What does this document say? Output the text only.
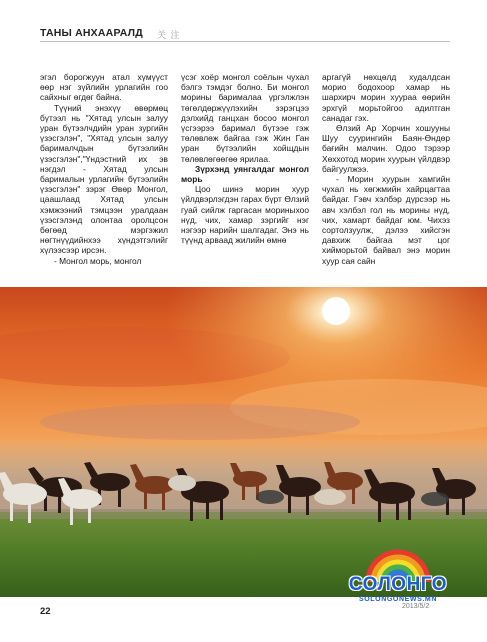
ТАНЫ АНХААРАЛД 关 注

эгэл борогжуун атал хүмүүст өөр нэг зүйлийн урлагийн гоо сайхныг өгдөг байна.

Түүний энэхүү өвөрмөц бүтээл нь "Хятад улсын залуу уран бүтээлчдийн уран зургийн үзэсгэлэн", "Хятад улсын залуу барималчдын бүтээлийн үзэсгэлэн","Үндэстний их эв нэгдэл - Хятад улсын барималын урлагийн бүтээлийн үзэсгэлэн" зэрэг Өвөр Монгол, цаашлаад Хятад улсын хэмжээний тэмцээн уралдаан үзэсгэлэнд олонтаа оролцсон бөгөөд мэргэжил нөгтнүүдийнхээ хүндэтгэлийг хүлээсээр ирсэн.

- Монгол морь, монгол

үсэг хоёр монгол соёлын чухал бэлгэ тэмдэг болно. Би монгол морины барималаа үргэлжлэн төгөлдөржүүлэхийн зэрэгцээ дэлхийд ганцхан босоо монгол үсгээрээ баримал бүтээе гэж төлөвлөж байгаа гэж Жин Ган уран бүтээлийн хойщдын төлөвлөгөөгөө ярилаа.

Зүрхэнд уянгалдаг монгол морь

Цоо шинэ морин хуур үйлдвэрлэгдэн гарах бүрт Өлзий гуай сийлж гаргасан мориныхоо нүд, чих, хамар зэргийг нэг нэгээр нарийн шалгадаг. Энэ нь түүнд арваад жилийн өмнө

аргагүй нөхцөлд худалдсан морио бодохоор хамар нь шархирч морин хуураа өөрийн эрхгүй морьтойгоо адилтган санадаг гэх.

Өлзий Ар Хорчин хошууны Шуу суурингийн Баян-Өндөр бағийн малчин. Одоо тэрээр Хөххотод морин хуурын үйлдвэр байгуулжээ.

- Морин хуурын хамгийн чухал нь хөгжмийн хайрцагтаа байдаг. Гэвч хэлбэр дүрсээр нь авч хэлбэл гол нь морины нүд, чих, хамарт байдаг юм. Чихэз сортолзуулж, дэлээ хийсгэн давхиж байгаа мэт цог хийморьтой байвал энэ морин хуур сая сайн

СОЛОНГО
SOLONGONEWS.MN
22	2013/5/2
